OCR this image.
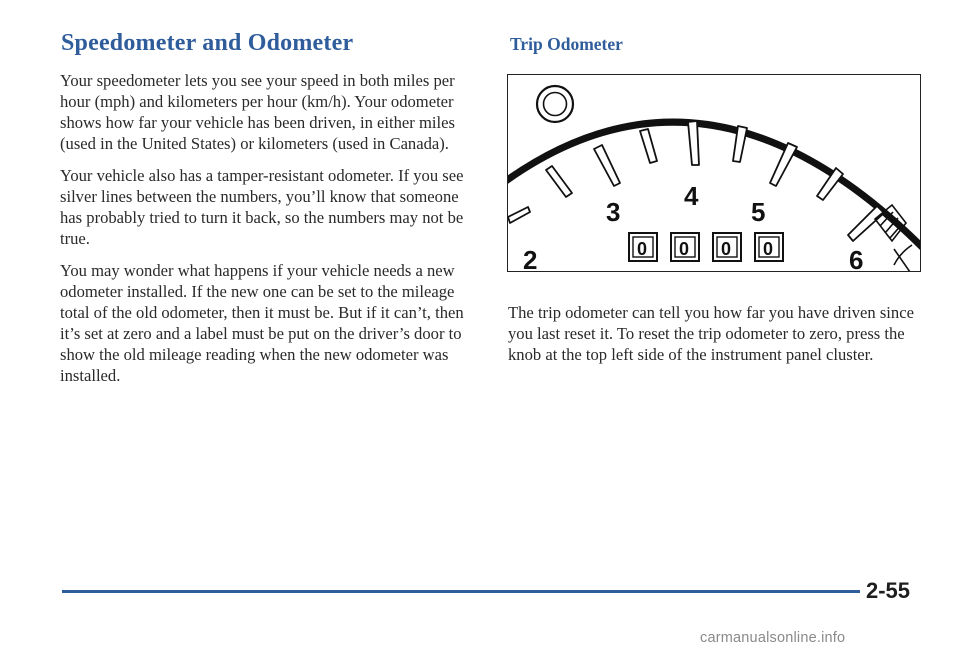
Speedometer and Odometer

Your speedometer lets you see your speed in both miles per hour (mph) and kilometers per hour (km/h). Your odometer shows how far your vehicle has been driven, in either miles (used in the United States) or kilometers (used in Canada).

Your vehicle also has a tamper-resistant odometer. If you see silver lines between the numbers, you’ll know that someone has probably tried to turn it back, so the numbers may not be true.

You may wonder what happens if your vehicle needs a new odometer installed. If the new one can be set to the mileage total of the old odometer, then it must be. But if it can’t, then it’s set at zero and a label must be put on the driver’s door to show the old mileage reading when the new odometer was installed.

Trip Odometer
2
3
4
5
6
0 0 0 0

The trip odometer can tell you how far you have driven since you last reset it. To reset the trip odometer to zero, press the knob at the top left side of the instrument panel cluster.

2-55
carmanualsonline.info
